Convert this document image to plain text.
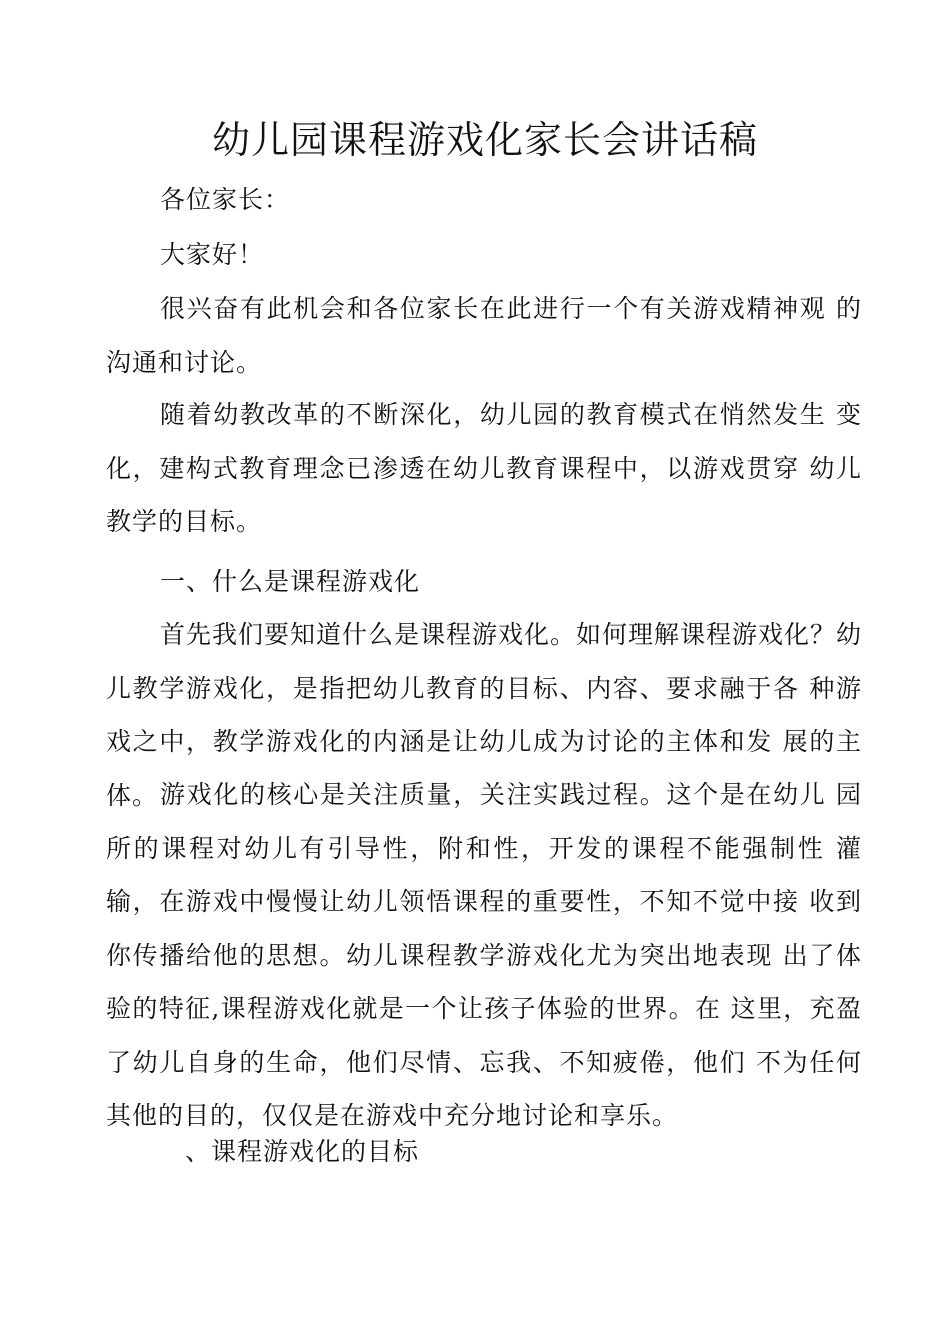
幼儿园课程游戏化家长会讲话稿

各位家长：

大家好！

很兴奋有此机会和各位家长在此进行一个有关游戏精神观 的沟通和讨论。

随着幼教改革的不断深化，幼儿园的教育模式在悄然发生 变化，建构式教育理念已渗透在幼儿教育课程中，以游戏贯穿 幼儿教学的目标。

一、什么是课程游戏化

首先我们要知道什么是课程游戏化。如何理解课程游戏化？幼儿教学游戏化，是指把幼儿教育的目标、内容、要求融于各 种游戏之中，教学游戏化的内涵是让幼儿成为讨论的主体和发 展的主体。 游戏化的核心是关注质量，关注实践过程。这个是在幼儿 园所的课程对幼儿有引导性，附和性，开发的课程不能强制性 灌输，在游戏中慢慢让幼儿领悟课程的重要性，不知不觉中接 收到你传播给他的思想。幼儿课程教学游戏化尤为突出地表现 出了体验的特征,课程游戏化就是一个让孩子体验的世界。在 这里，充盈了幼儿自身的生命，他们尽情、忘我、不知疲倦，他们 不为任何其他的目的，仅仅是在游戏中充分地讨论和享乐。

、课程游戏化的目标
